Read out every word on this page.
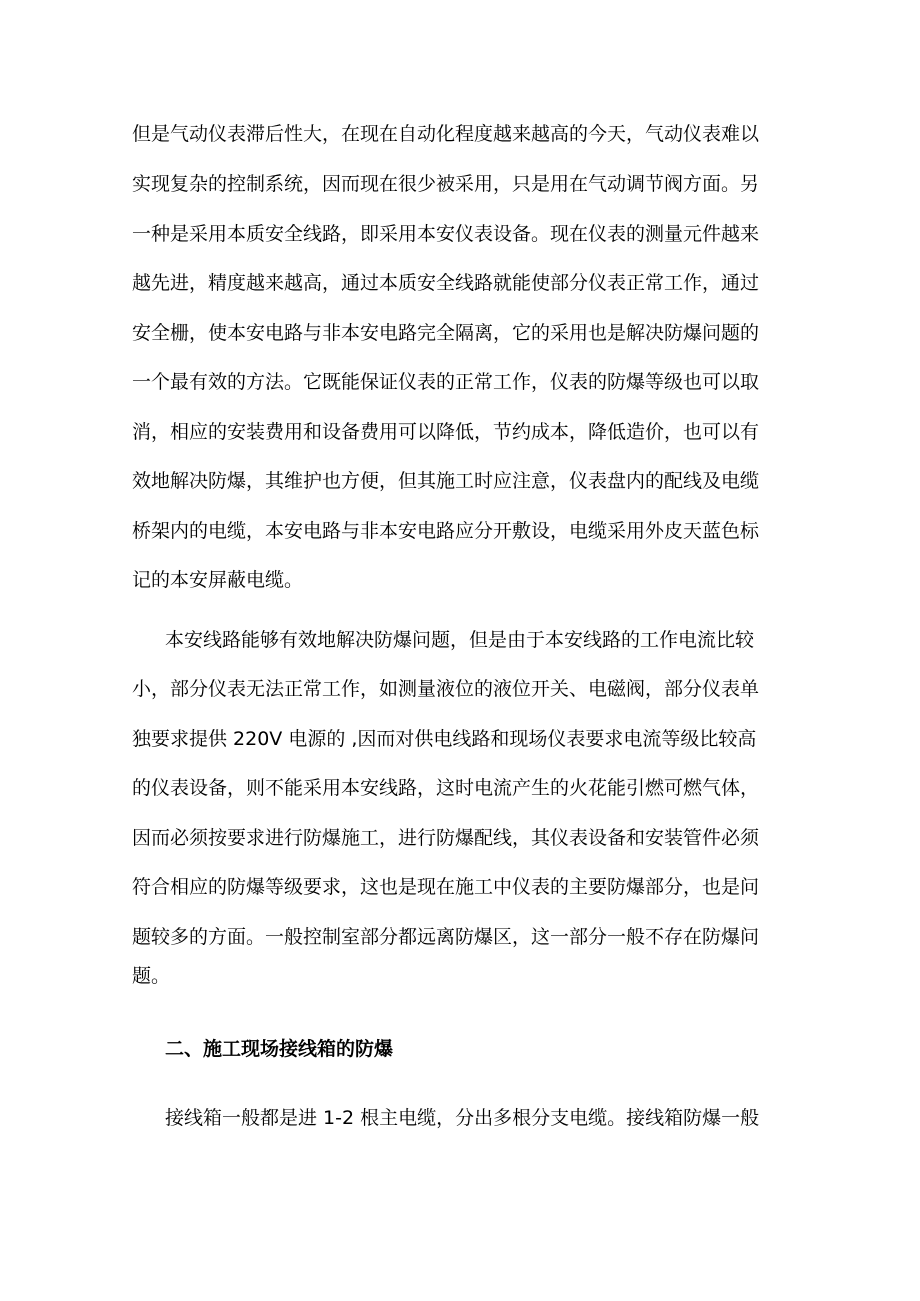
但是气动仪表滞后性大，在现在自动化程度越来越高的今天，气动仪表难以
实现复杂的控制系统，因而现在很少被采用，只是用在气动调节阀方面。另
一种是采用本质安全线路，即采用本安仪表设备。现在仪表的测量元件越来
越先进，精度越来越高，通过本质安全线路就能使部分仪表正常工作，通过
安全栅，使本安电路与非本安电路完全隔离，它的采用也是解决防爆问题的
一个最有效的方法。它既能保证仪表的正常工作，仪表的防爆等级也可以取
消，相应的安装费用和设备费用可以降低，节约成本，降低造价，也可以有
效地解决防爆，其维护也方便，但其施工时应注意，仪表盘内的配线及电缆
桥架内的电缆，本安电路与非本安电路应分开敷设，电缆采用外皮天蓝色标
记的本安屏蔽电缆。
本安线路能够有效地解决防爆问题，但是由于本安线路的工作电流比较
小，部分仪表无法正常工作，如测量液位的液位开关、电磁阀，部分仪表单
独要求提供 220V 电源的 ,因而对供电线路和现场仪表要求电流等级比较高
的仪表设备，则不能采用本安线路，这时电流产生的火花能引燃可燃气体，
因而必须按要求进行防爆施工，进行防爆配线，其仪表设备和安装管件必须
符合相应的防爆等级要求，这也是现在施工中仪表的主要防爆部分，也是问
题较多的方面。一般控制室部分都远离防爆区，这一部分一般不存在防爆问
题。
二、施工现场接线箱的防爆
接线箱一般都是进 1-2 根主电缆，分出多根分支电缆。接线箱防爆一般
